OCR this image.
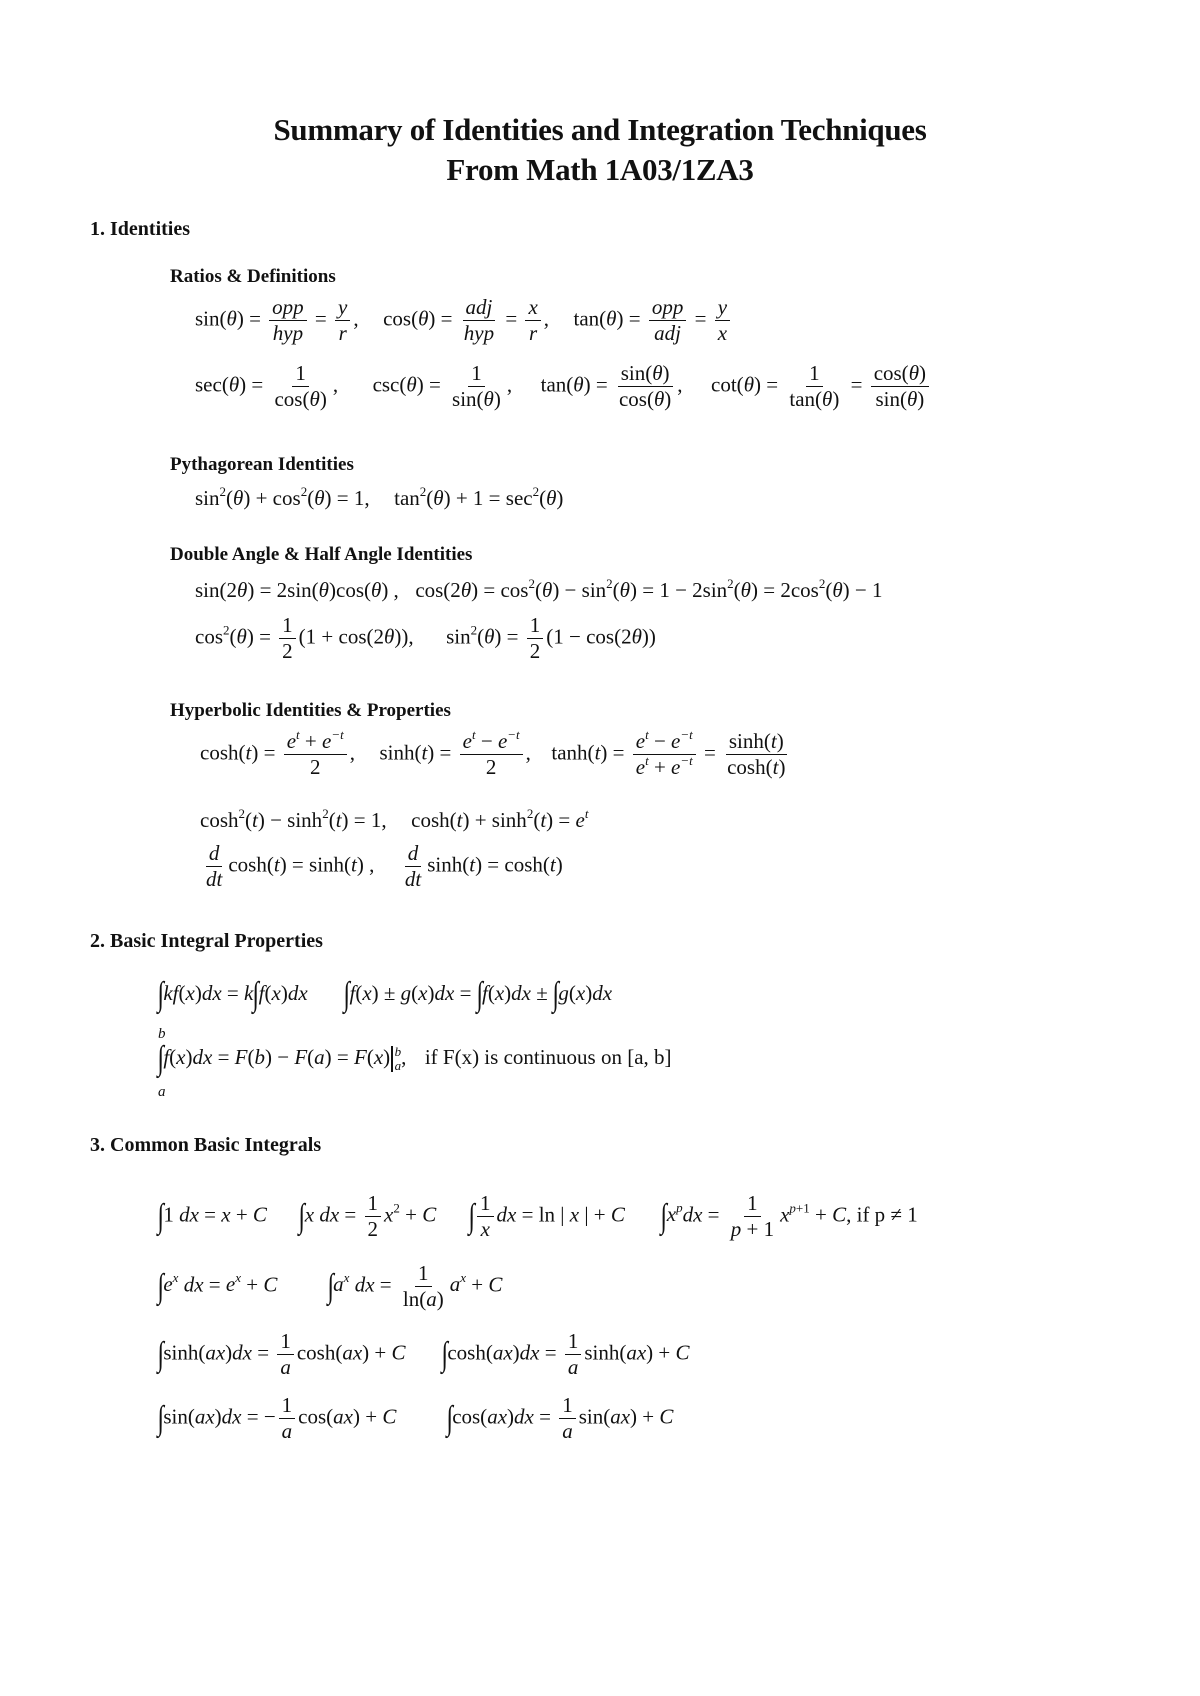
Summary of Identities and Integration Techniques
From Math 1A03/1ZA3
1. Identities
Ratios & Definitions
sin(θ) = opp
hyp
= $\frac{y}{r}$ ,  cos(θ) = adj
hyp
= $\frac{x}{r}$ ,  tan(θ) = opp
adj
= $\frac{y}{x}$
$\sec(\theta) = \frac{1}{\cos(\theta)}$ ,  $\csc(\theta) = \frac{1}{\sin(\theta)}$ ,  $\tan(\theta) = \frac{\sin(\theta)}{\cos(\theta)}$ ,  $\cot(\theta) = \frac{1}{\tan(\theta)} = \frac{\cos(\theta)}{\sin(\theta)}$
Pythagorean Identities
$\sin^2(\theta) + \cos^2(\theta) = 1$,  $\tan^2(\theta) + 1 = \sec^2(\theta)$
Double Angle & Half Angle Identities
sin(2θ) = 2sin(θ)cos(θ) ,  $\cos(2\theta) = \cos^2(\theta) - \sin^2(\theta) = 1 - 2\sin^2(\theta) = 2\cos^2(\theta) - 1$
$\cos^2(\theta) = \frac{1}{2} (1 + \cos(2\theta))$,  $\sin^2(\theta) = \frac{1}{2} (1 - \cos(2\theta))$
Hyperbolic Identities & Properties
$\cosh(t) = \frac{e^t + e^{-t}}{2}$ ,  $\sinh(t) = \frac{e^t - e^{-t}}{2}$ ,  $\tanh(t) = \frac{e^t - e^{-t}}{e^t + e^{-t}} = \frac{\sinh(t)}{\cosh(t)}$
$\cosh^2(t) - \sinh^2(t) = 1$,  $\cosh(t) + \sinh^2(t) = e^t$
$\frac{d}{dt} \cosh(t) = \sinh(t)$ , $\frac{d}{dt} \sinh(t) = \cosh(t)$
2. Basic Integral Properties
∫kf(x)dx = k∫f(x)dx ∫f(x) ± g(x)dx = ∫f(x)dx ± ∫g(x)dx
b
a
∫f(x)dx = F(b) − F(a) = F(x) b
a ,  if F(x) is continuous on [a, b]
3. Common Basic Integrals
∫1 dx = x + C ∫x dx = $\frac{1}{2} x^2 + C$ ∫ $\frac{1}{x}$ dx = ln | x | + C $\int x^pdx = \frac{1}{p + 1} x^{p+1} + C$, if p ≠ 1
$\int e^x$ dx = $e^x + C$ $\int a^x$ dx = $\frac{1}{\ln(a)} a^x + C$
$\int\sinh(ax)dx = \frac{1}{a} \cosh(ax) + C$ $\int\cosh(ax)dx = \frac{1}{a} \sinh(ax) + C$
∫sin(ax)dx = − $\frac{1}{a} \cos(ax) + C$ $\int\cos(ax)dx = \frac{1}{a} \sin(ax) + C$
